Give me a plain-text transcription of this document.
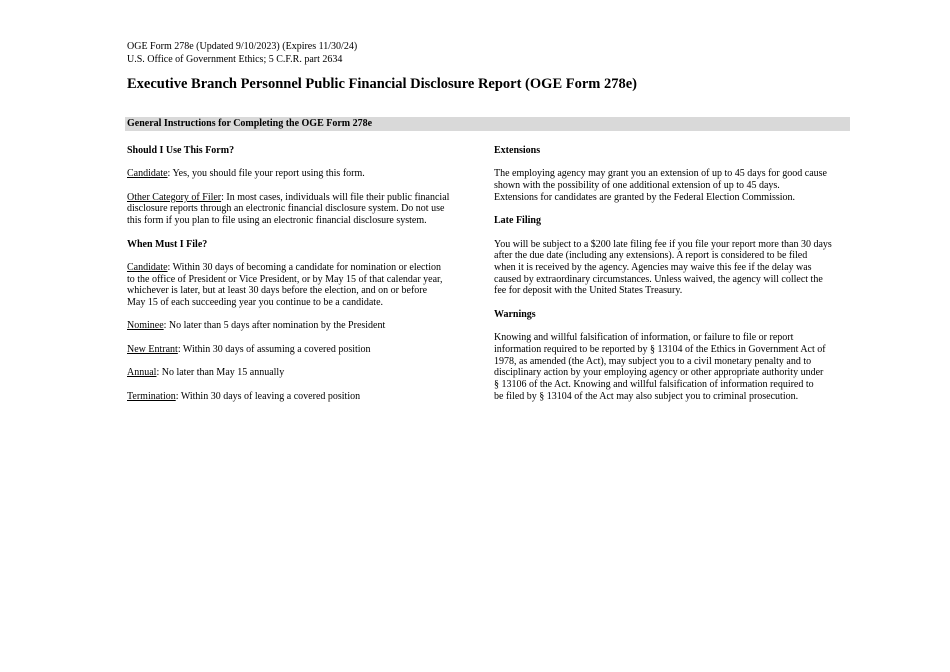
OGE Form 278e (Updated 9/10/2023) (Expires 11/30/24)
U.S. Office of Government Ethics; 5 C.F.R. part 2634
Executive Branch Personnel Public Financial Disclosure Report (OGE Form 278e)
General Instructions for Completing the OGE Form 278e
Should I Use This Form?
Candidate: Yes, you should file your report using this form.
Other Category of Filer: In most cases, individuals will file their public financial
disclosure reports through an electronic financial disclosure system. Do not use
this form if you plan to file using an electronic financial disclosure system.
When Must I File?
Candidate: Within 30 days of becoming a candidate for nomination or election
to the office of President or Vice President, or by May 15 of that calendar year,
whichever is later, but at least 30 days before the election, and on or before
May 15 of each succeeding year you continue to be a candidate.
Nominee: No later than 5 days after nomination by the President
New Entrant: Within 30 days of assuming a covered position
Annual: No later than May 15 annually
Termination: Within 30 days of leaving a covered position
Extensions
The employing agency may grant you an extension of up to 45 days for good cause
shown with the possibility of one additional extension of up to 45 days.
Extensions for candidates are granted by the Federal Election Commission.
Late Filing
You will be subject to a $200 late filing fee if you file your report more than 30 days
after the due date (including any extensions). A report is considered to be filed
when it is received by the agency. Agencies may waive this fee if the delay was
caused by extraordinary circumstances. Unless waived, the agency will collect the
fee for deposit with the United States Treasury.
Warnings
Knowing and willful falsification of information, or failure to file or report
information required to be reported by § 13104 of the Ethics in Government Act of
1978, as amended (the Act), may subject you to a civil monetary penalty and to
disciplinary action by your employing agency or other appropriate authority under
§ 13106 of the Act. Knowing and willful falsification of information required to
be filed by § 13104 of the Act may also subject you to criminal prosecution.
